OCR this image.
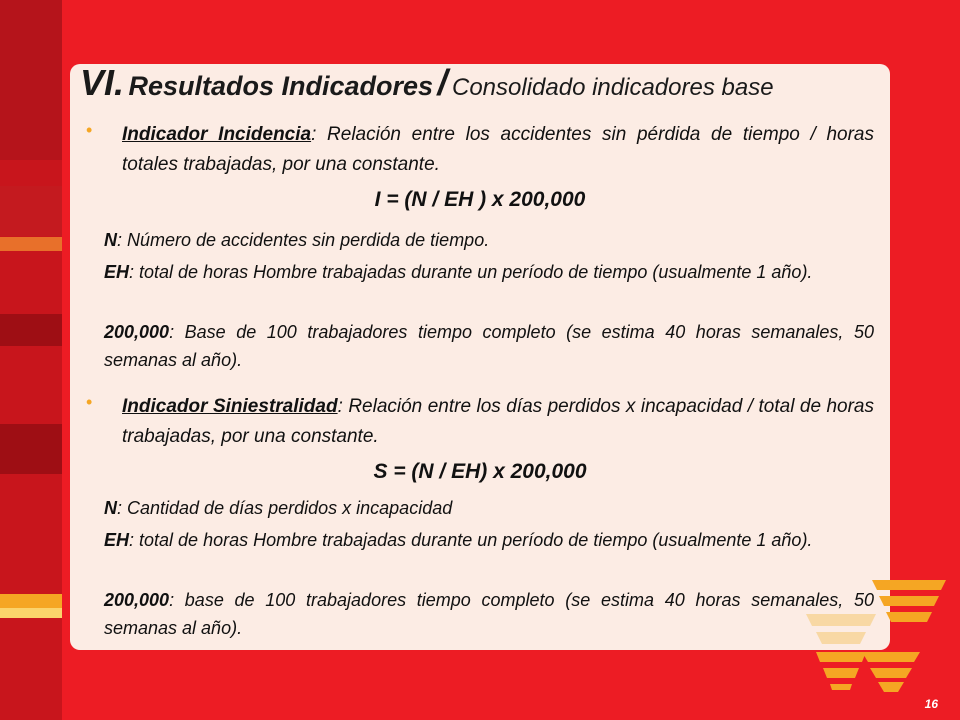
VI. Resultados Indicadores / Consolidado indicadores base
• Indicador Incidencia: Relación entre los accidentes sin pérdida de tiempo / horas totales trabajadas, por una constante.
I = (N / EH ) x 200,000
N: Número de accidentes sin perdida de tiempo.
EH: total de horas Hombre trabajadas durante un período de tiempo (usualmente 1 año).
200,000: Base de 100 trabajadores tiempo completo (se estima 40 horas semanales, 50 semanas al año).
• Indicador Siniestralidad: Relación entre los días perdidos x incapacidad / total de horas trabajadas, por una constante.
S = (N / EH) x 200,000
N: Cantidad de días perdidos x incapacidad
EH: total de horas Hombre trabajadas durante un período de tiempo (usualmente 1 año).
200,000: base de 100 trabajadores tiempo completo (se estima 40 horas semanales, 50 semanas al año).
16
